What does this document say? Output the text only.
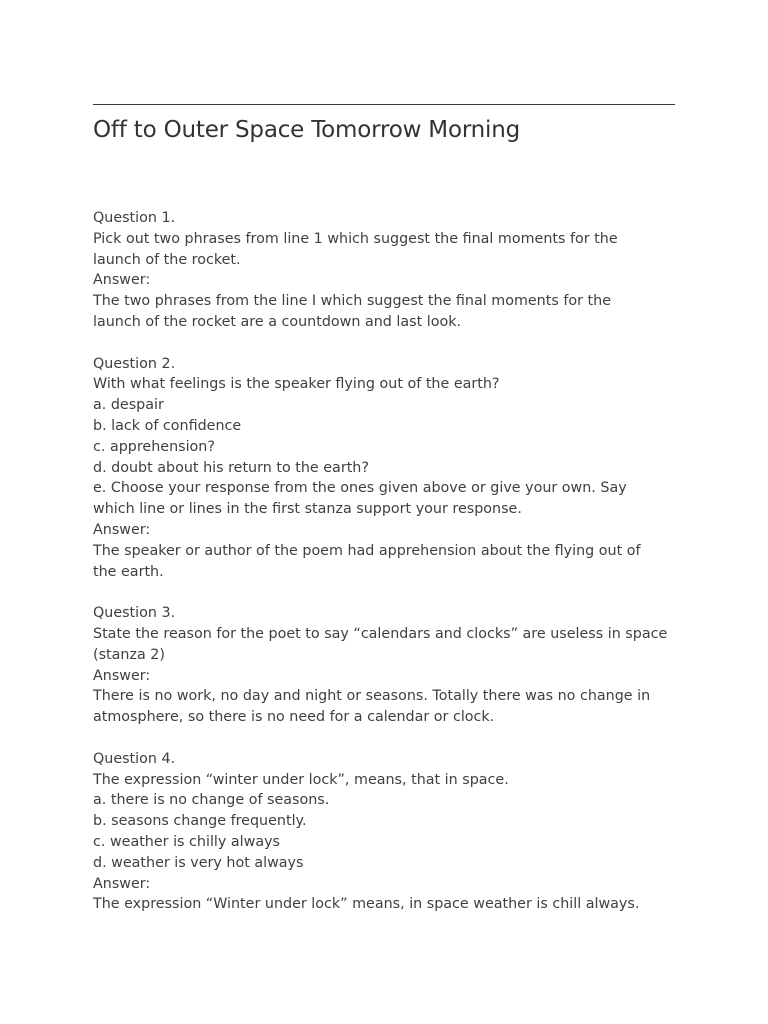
Off to Outer Space Tomorrow Morning
Question 1.
Pick out two phrases from line 1 which suggest the final moments for the
launch of the rocket.
Answer:
The two phrases from the line I which suggest the final moments for the
launch of the rocket are a countdown and last look.
Question 2.
With what feelings is the speaker flying out of the earth?
a. despair
b. lack of confidence
c. apprehension?
d. doubt about his return to the earth?
e. Choose your response from the ones given above or give your own. Say
which line or lines in the first stanza support your response.
Answer:
The speaker or author of the poem had apprehension about the flying out of
the earth.
Question 3.
State the reason for the poet to say “calendars and clocks” are useless in space
(stanza 2)
Answer:
There is no work, no day and night or seasons. Totally there was no change in
atmosphere, so there is no need for a calendar or clock.
Question 4.
The expression “winter under lock”, means, that in space.
a. there is no change of seasons.
b. seasons change frequently.
c. weather is chilly always
d. weather is very hot always
Answer:
The expression “Winter under lock” means, in space weather is chill always.
